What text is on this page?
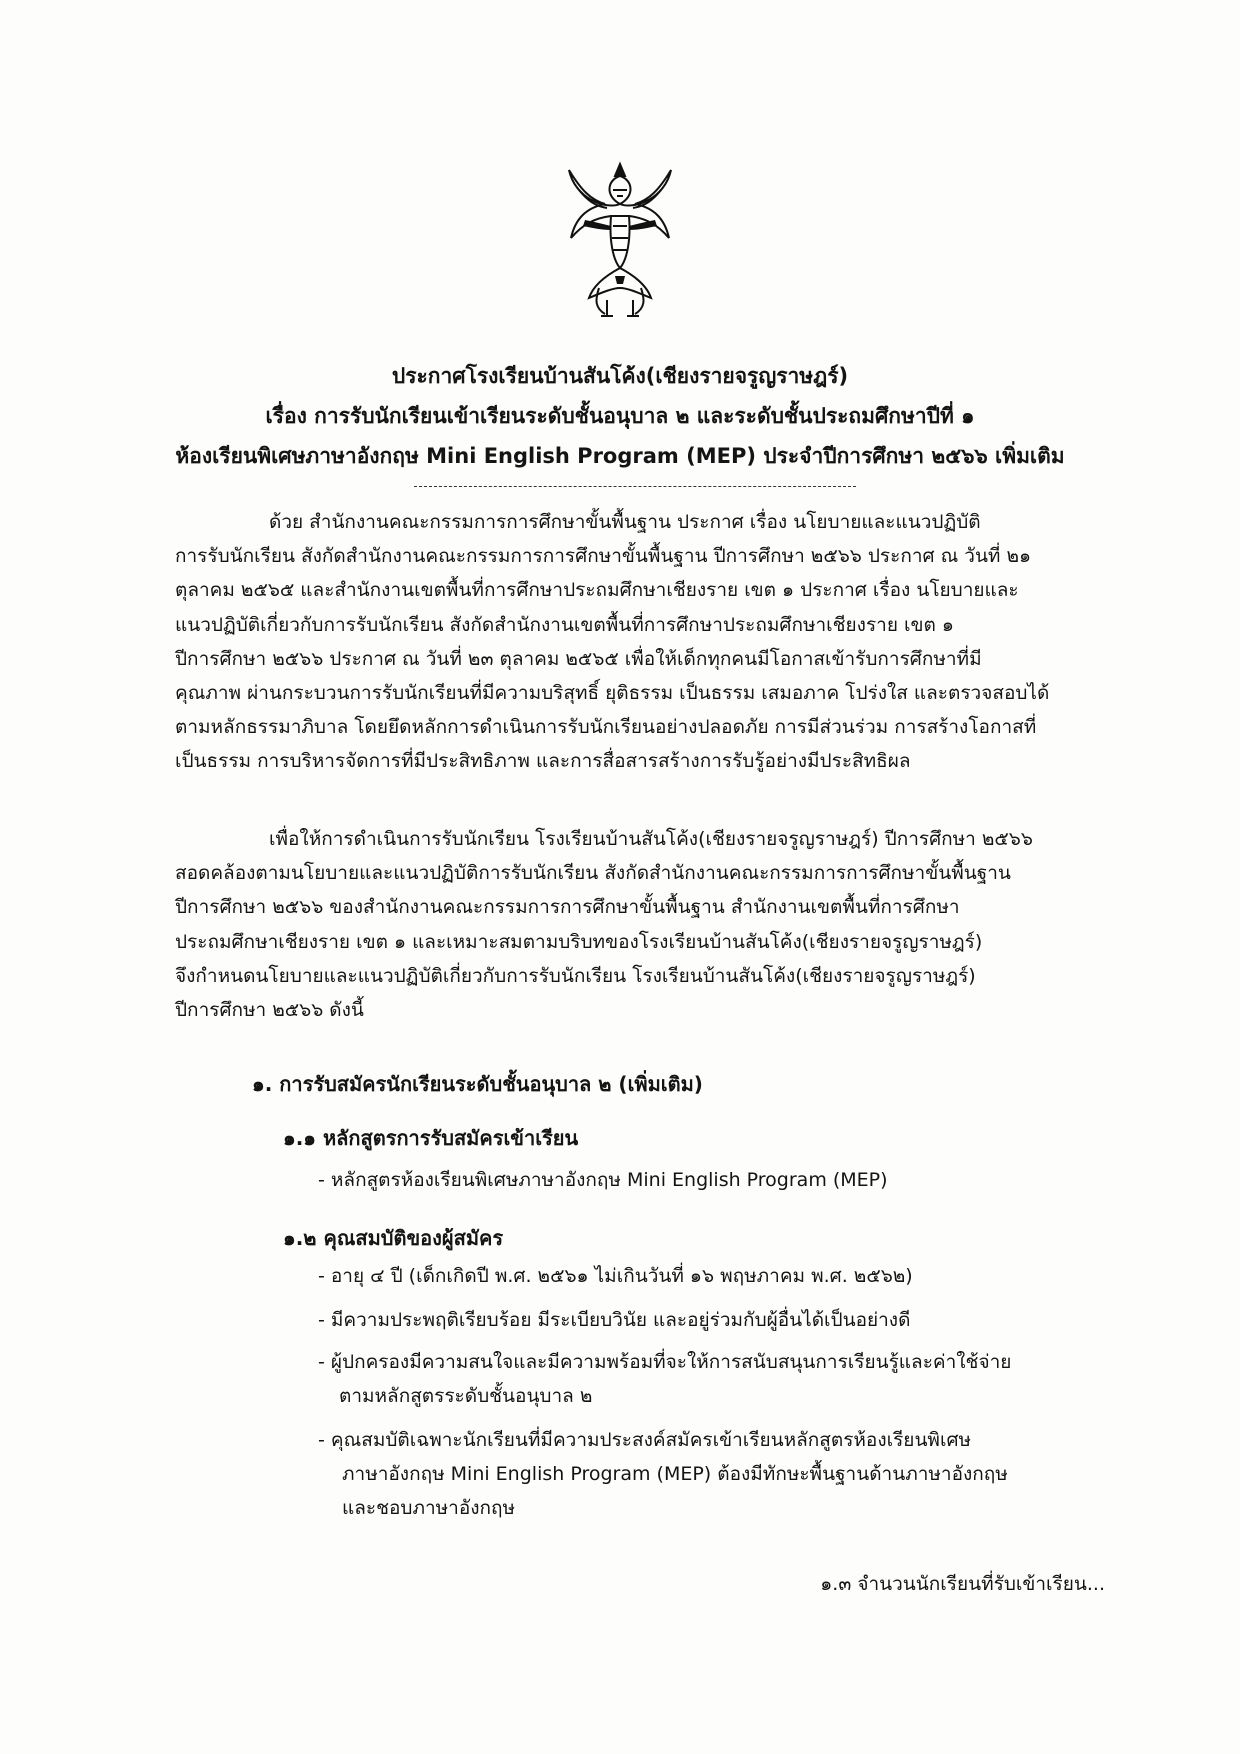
ประกาศโรงเรียนบ้านสันโค้ง(เชียงรายจรูญราษฎร์)
เรื่อง การรับนักเรียนเข้าเรียนระดับชั้นอนุบาล ๒ และระดับชั้นประถมศึกษาปีที่ ๑
ห้องเรียนพิเศษภาษาอังกฤษ Mini English Program (MEP) ประจำปีการศึกษา ๒๕๖๖ เพิ่มเติม
ด้วย สำนักงานคณะกรรมการการศึกษาขั้นพื้นฐาน ประกาศ เรื่อง นโยบายและแนวปฏิบัติ
การรับนักเรียน สังกัดสำนักงานคณะกรรมการการศึกษาขั้นพื้นฐาน ปีการศึกษา ๒๕๖๖ ประกาศ ณ วันที่ ๒๑
ตุลาคม ๒๕๖๕ และสำนักงานเขตพื้นที่การศึกษาประถมศึกษาเชียงราย เขต ๑ ประกาศ เรื่อง นโยบายและ
แนวปฏิบัติเกี่ยวกับการรับนักเรียน สังกัดสำนักงานเขตพื้นที่การศึกษาประถมศึกษาเชียงราย เขต ๑
ปีการศึกษา ๒๕๖๖ ประกาศ ณ วันที่ ๒๓ ตุลาคม ๒๕๖๕ เพื่อให้เด็กทุกคนมีโอกาสเข้ารับการศึกษาที่มี
คุณภาพ ผ่านกระบวนการรับนักเรียนที่มีความบริสุทธิ์ ยุติธรรม เป็นธรรม เสมอภาค โปร่งใส และตรวจสอบได้
ตามหลักธรรมาภิบาล โดยยึดหลักการดำเนินการรับนักเรียนอย่างปลอดภัย การมีส่วนร่วม การสร้างโอกาสที่
เป็นธรรม การบริหารจัดการที่มีประสิทธิภาพ และการสื่อสารสร้างการรับรู้อย่างมีประสิทธิผล
เพื่อให้การดำเนินการรับนักเรียน โรงเรียนบ้านสันโค้ง(เชียงรายจรูญราษฎร์) ปีการศึกษา ๒๕๖๖
สอดคล้องตามนโยบายและแนวปฏิบัติการรับนักเรียน สังกัดสำนักงานคณะกรรมการการศึกษาขั้นพื้นฐาน
ปีการศึกษา ๒๕๖๖ ของสำนักงานคณะกรรมการการศึกษาขั้นพื้นฐาน สำนักงานเขตพื้นที่การศึกษา
ประถมศึกษาเชียงราย เขต ๑ และเหมาะสมตามบริบทของโรงเรียนบ้านสันโค้ง(เชียงรายจรูญราษฎร์)
จึงกำหนดนโยบายและแนวปฏิบัติเกี่ยวกับการรับนักเรียน โรงเรียนบ้านสันโค้ง(เชียงรายจรูญราษฎร์)
ปีการศึกษา ๒๕๖๖ ดังนี้
๑. การรับสมัครนักเรียนระดับชั้นอนุบาล ๒ (เพิ่มเติม)
๑.๑ หลักสูตรการรับสมัครเข้าเรียน
- หลักสูตรห้องเรียนพิเศษภาษาอังกฤษ Mini English Program (MEP)
๑.๒ คุณสมบัติของผู้สมัคร
- อายุ ๔ ปี (เด็กเกิดปี พ.ศ. ๒๕๖๑ ไม่เกินวันที่ ๑๖ พฤษภาคม พ.ศ. ๒๕๖๒)
- มีความประพฤติเรียบร้อย มีระเบียบวินัย และอยู่ร่วมกับผู้อื่นได้เป็นอย่างดี
- ผู้ปกครองมีความสนใจและมีความพร้อมที่จะให้การสนับสนุนการเรียนรู้และค่าใช้จ่าย
ตามหลักสูตรระดับชั้นอนุบาล ๒
- คุณสมบัติเฉพาะนักเรียนที่มีความประสงค์สมัครเข้าเรียนหลักสูตรห้องเรียนพิเศษ
ภาษาอังกฤษ Mini English Program (MEP) ต้องมีทักษะพื้นฐานด้านภาษาอังกฤษ
และชอบภาษาอังกฤษ
๑.๓ จำนวนนักเรียนที่รับเข้าเรียน...
